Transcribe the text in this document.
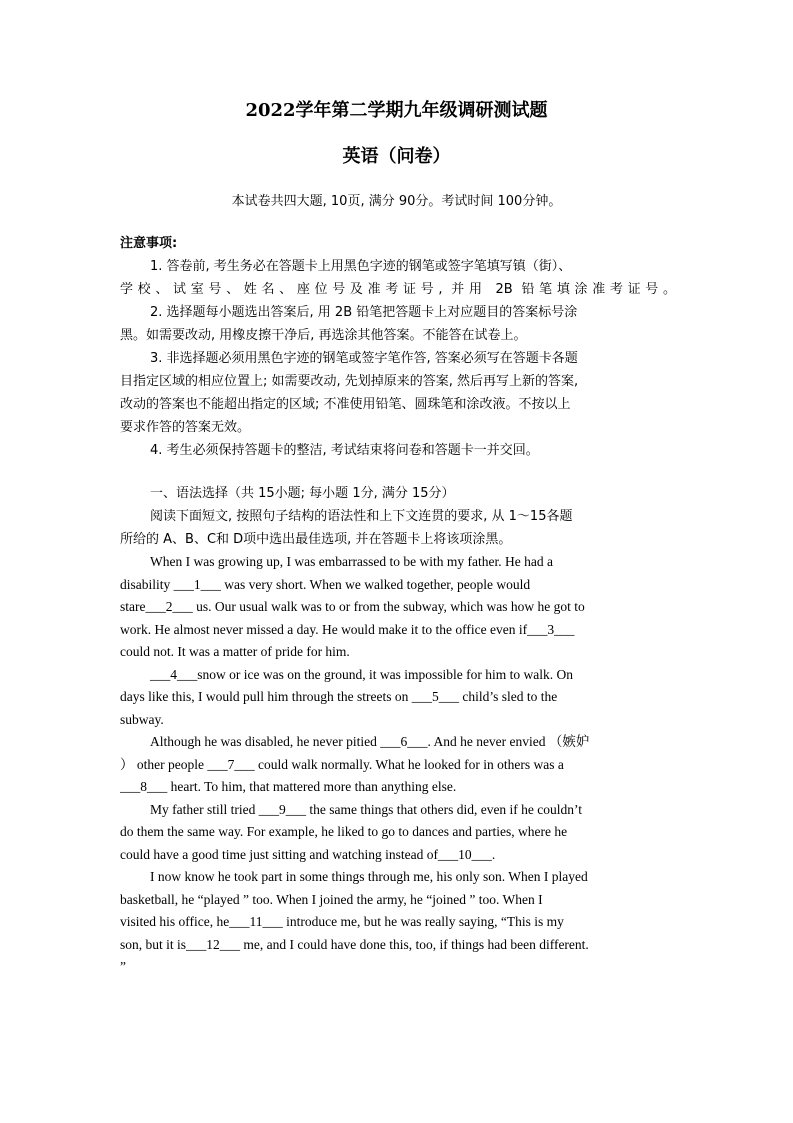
2022学年第二学期九年级调研测试题
英语（问卷）
本试卷共四大题, 10页, 满分 90分。考试时间 100分钟。
注意事项:
1. 答卷前, 考生务必在答题卡上用黑色字迹的钢笔或签字笔填写镇（街）、
学校、试室号、姓名、座位号及准考证号, 并用 2B 铅笔填涂准考证号。
2. 选择题每小题选出答案后, 用 2B 铅笔把答题卡上对应题目的答案标号涂
黑。如需要改动, 用橡皮擦干净后, 再选涂其他答案。不能答在试卷上。
3. 非选择题必须用黑色字迹的钢笔或签字笔作答, 答案必须写在答题卡各题
目指定区域的相应位置上; 如需要改动, 先划掉原来的答案, 然后再写上新的答案,
改动的答案也不能超出指定的区域; 不准使用铅笔、圆珠笔和涂改液。不按以上
要求作答的答案无效。
4. 考生必须保持答题卡的整洁, 考试结束将问卷和答题卡一并交回。
一、语法选择（共 15小题; 每小题 1分, 满分 15分）
阅读下面短文, 按照句子结构的语法性和上下文连贯的要求, 从 1～15各题
所给的 A、B、C和 D项中选出最佳选项, 并在答题卡上将该项涂黑。
When I was growing up, I was embarrassed to be with my father. He had a
disability ___1___ was very short. When we walked together, people would
stare___2___ us. Our usual walk was to or from the subway, which was how he got to
work. He almost never missed a day. He would make it to the office even if___3___
could not. It was a matter of pride for him.
___4___snow or ice was on the ground, it was impossible for him to walk. On
days like this, I would pull him through the streets on ___5___ child’s sled to the
subway.
Although he was disabled, he never pitied ___6___. And he never envied （嫉妒
） other people ___7___ could walk normally. What he looked for in others was a
___8___ heart. To him, that mattered more than anything else.
My father still tried ___9___ the same things that others did, even if he couldn’t
do them the same way. For example, he liked to go to dances and parties, where he
could have a good time just sitting and watching instead of___10___.
I now know he took part in some things through me, his only son. When I played
basketball, he “played ” too. When I joined the army, he “joined ” too. When I
visited his office, he___11___ introduce me, but he was really saying, “This is my
son, but it is___12___ me, and I could have done this, too, if things had been different.
”
